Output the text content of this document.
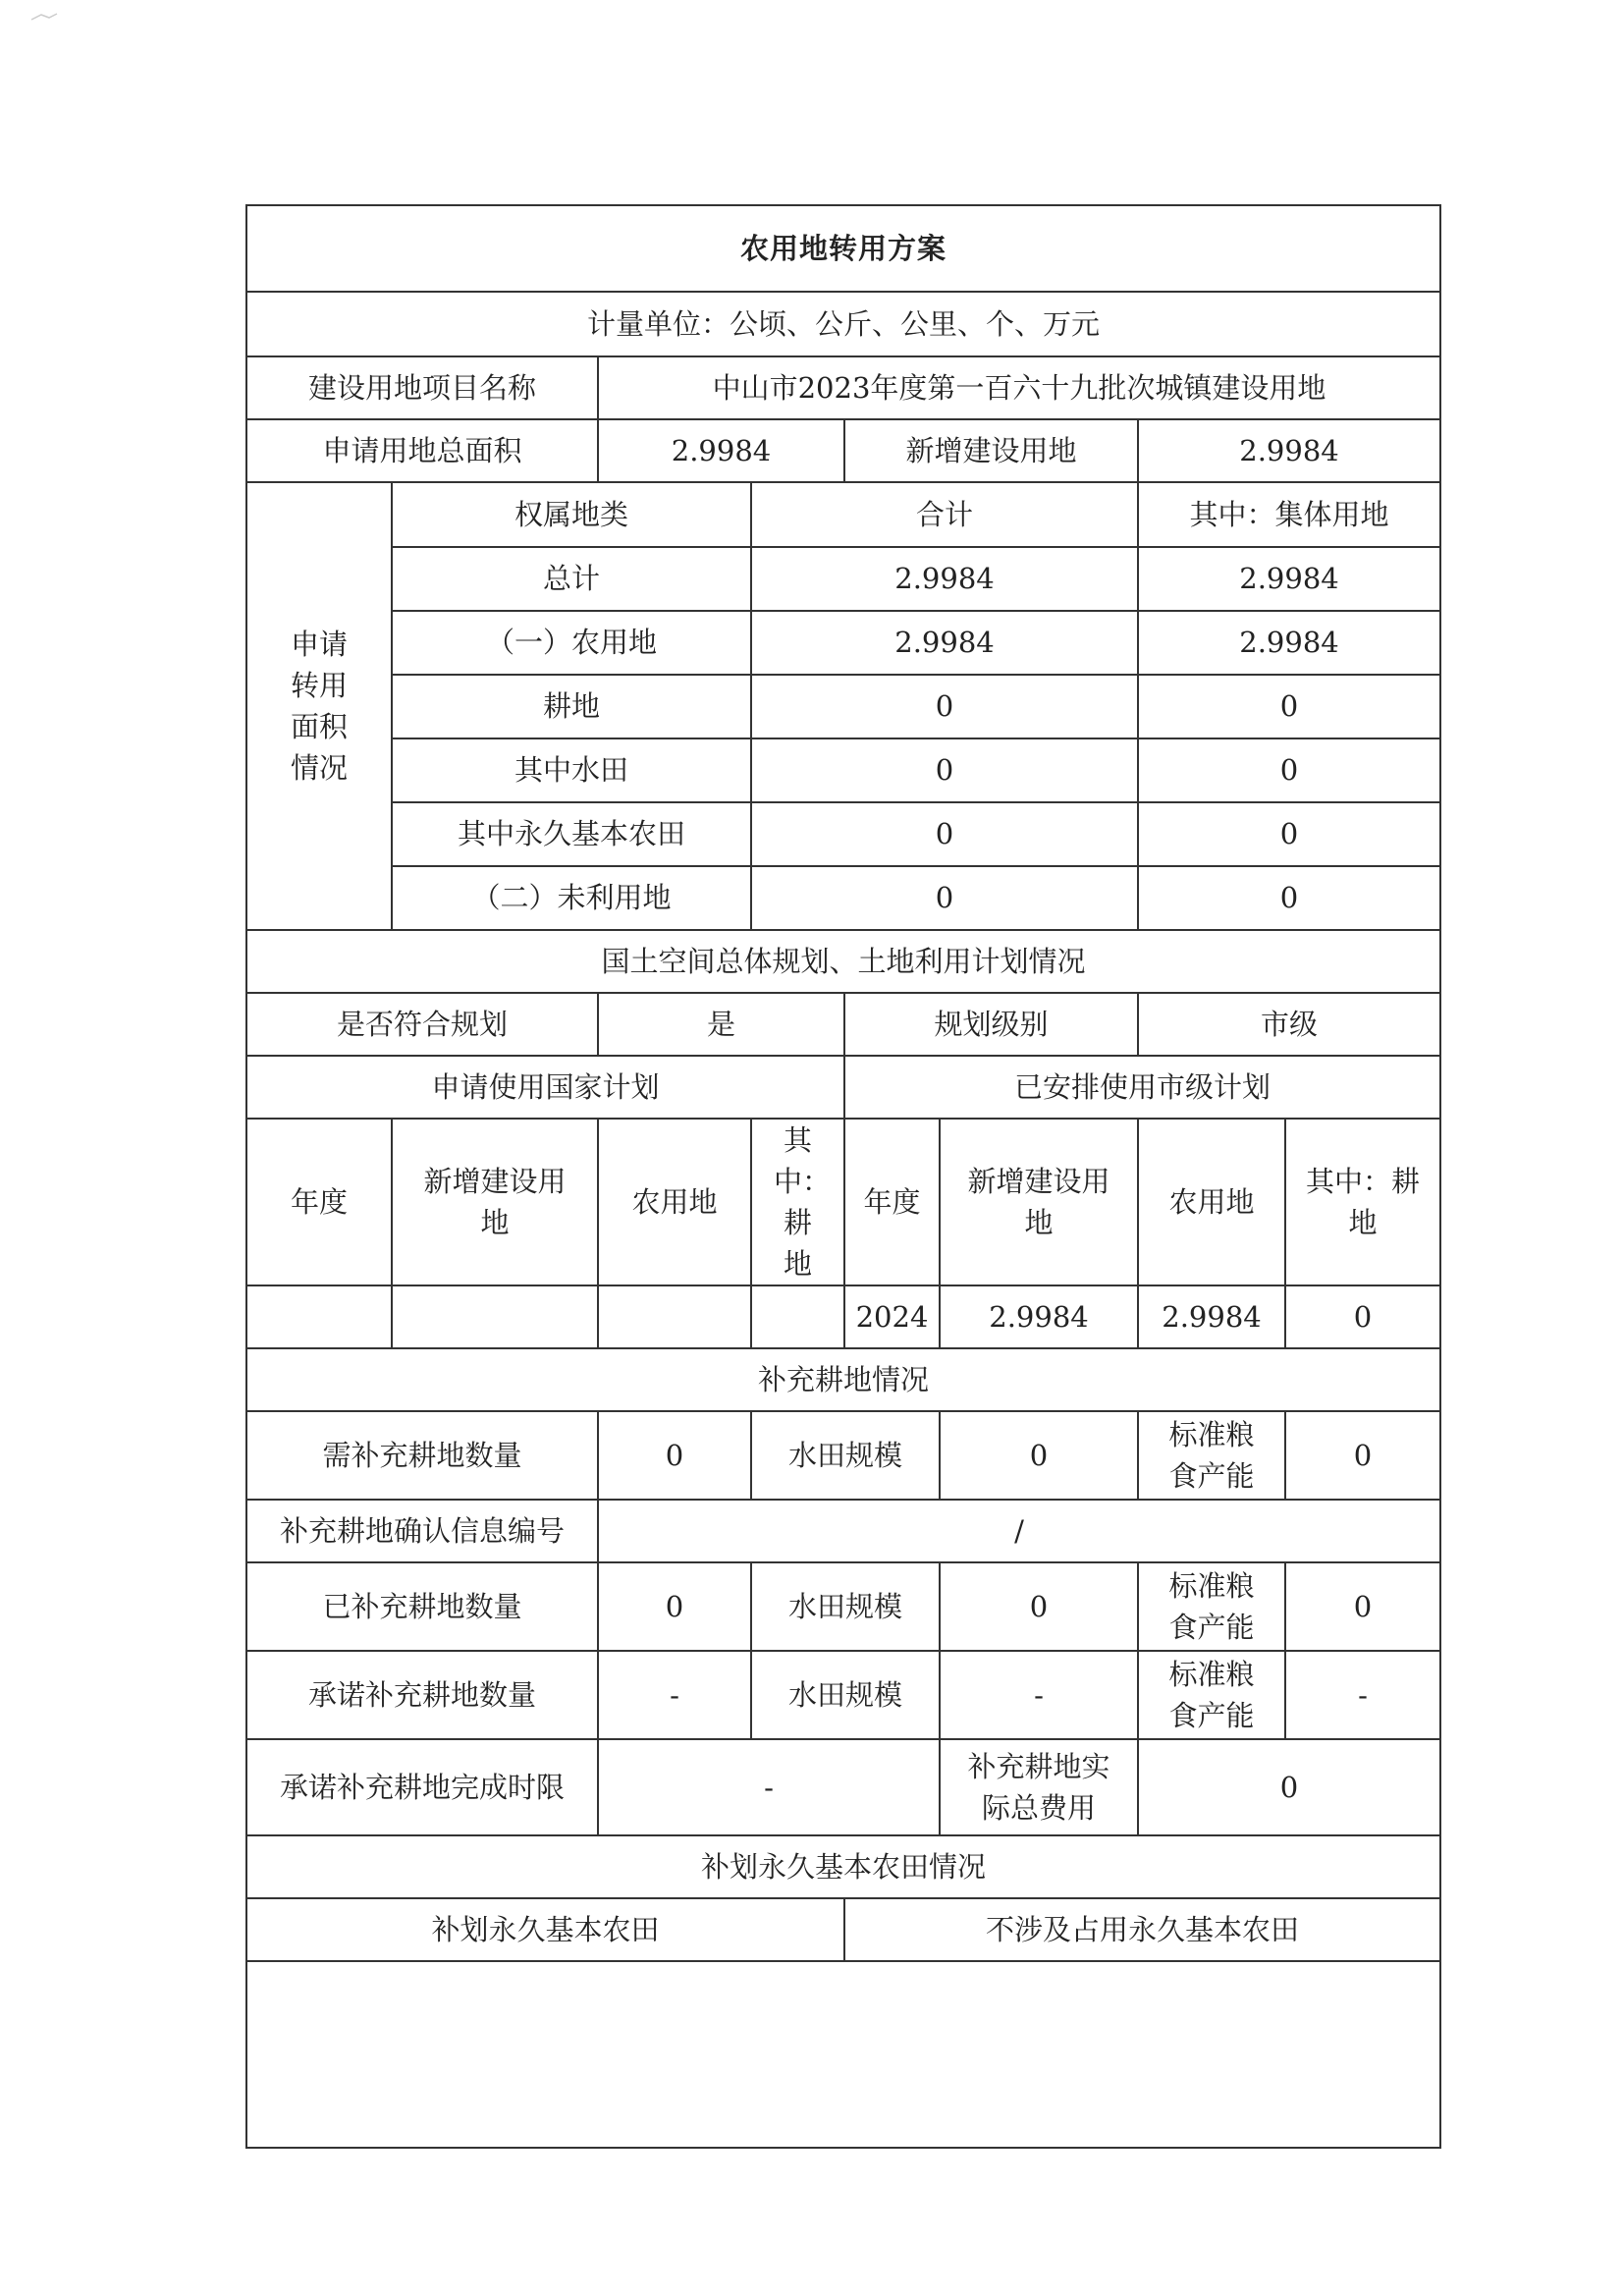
农用地转用方案							
计量单位：公顷、公斤、公里、个、万元							
建设用地项目名称		中山市2023年度第一百六十九批次城镇建设用地					
申请用地总面积		2.9984		新增建设用地		2.9984	
申请转用面积情况	权属地类		合计			其中：集体用地	
	总计		2.9984			2.9984	
	（一）农用地		2.9984			2.9984	
	耕地		0			0	
	其中水田		0			0	
	其中永久基本农田		0			0	
	（二）未利用地		0			0	
国土空间总体规划、土地利用计划情况							
是否符合规划		是		规划级别		市级	
申请使用国家计划				已安排使用市级计划			
年度	新增建设用地	农用地	其中：耕地	年度	新增建设用地	农用地	其中：耕地
				2024	2.9984	2.9984	0
补充耕地情况							
需补充耕地数量		0	水田规模		0	标准粮食产能	0
补充耕地确认信息编号		/					
已补充耕地数量		0	水田规模		0	标准粮食产能	0
承诺补充耕地数量		-	水田规模		-	标准粮食产能	-
承诺补充耕地完成时限		-			补充耕地实际总费用	0	
补划永久基本农田情况							
补划永久基本农田				不涉及占用永久基本农田			
